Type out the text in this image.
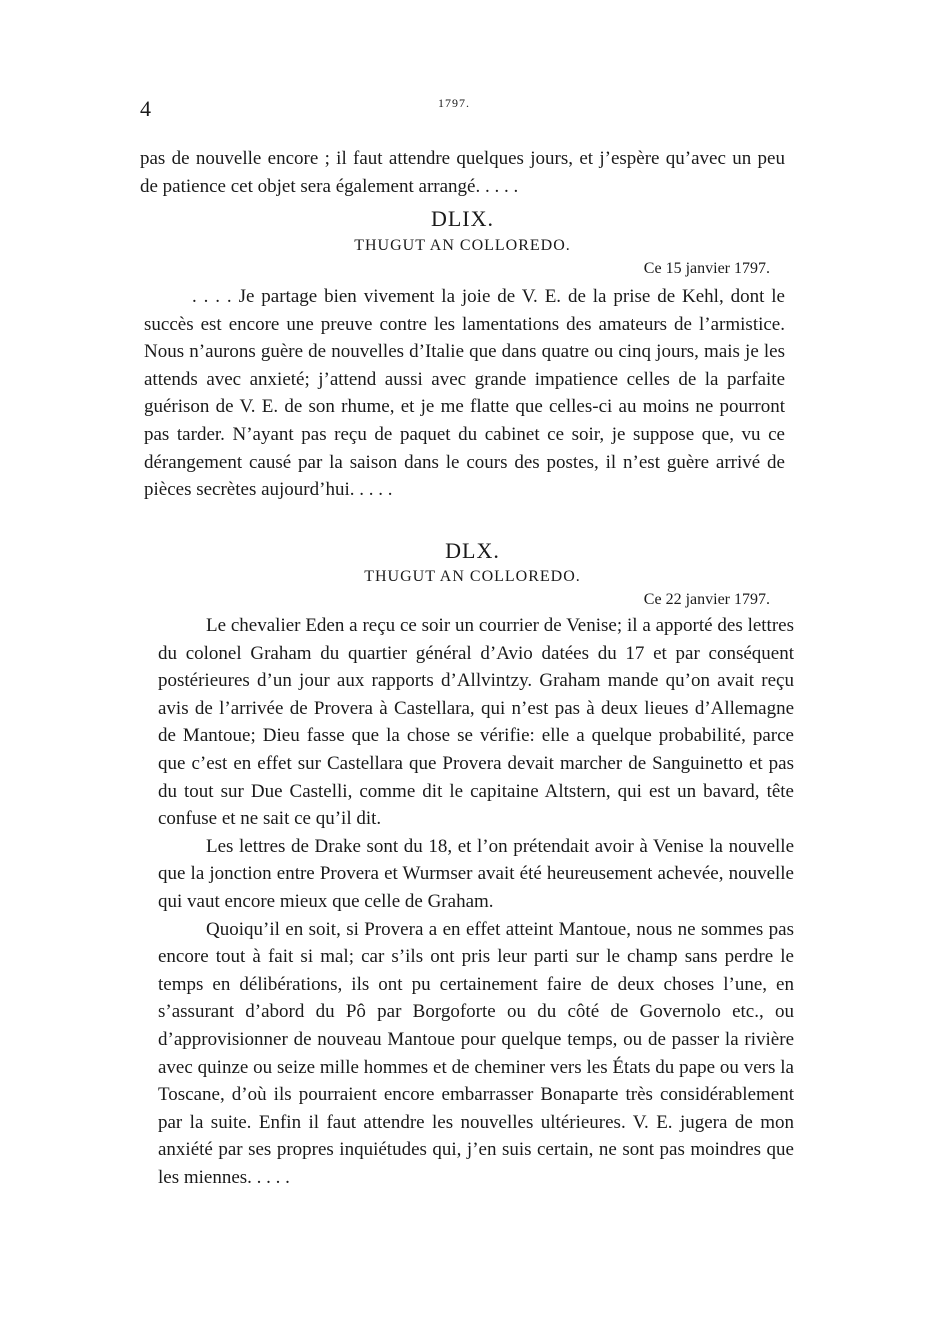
4	1797.

pas de nouvelle encore ; il faut attendre quelques jours, et j’espère qu’avec un peu de patience cet objet sera également arrangé. . . . .

DLIX.
THUGUT AN COLLOREDO.
Ce 15 janvier 1797.

. . . . Je partage bien vivement la joie de V. E. de la prise de Kehl, dont le succès est encore une preuve contre les lamentations des amateurs de l’armistice. Nous n’aurons guère de nouvelles d’Italie que dans quatre ou cinq jours, mais je les attends avec anxieté; j’attend aussi avec grande impatience celles de la parfaite guérison de V. E. de son rhume, et je me flatte que celles-ci au moins ne pourront pas tarder. N’ayant pas reçu de paquet du cabinet ce soir, je suppose que, vu ce dérangement causé par la saison dans le cours des postes, il n’est guère arrivé de pièces secrètes aujourd’hui. . . . .

DLX.
THUGUT AN COLLOREDO.
Ce 22 janvier 1797.

Le chevalier Eden a reçu ce soir un courrier de Venise; il a apporté des lettres du colonel Graham du quartier général d’Avio datées du 17 et par conséquent postérieures d’un jour aux rapports d’Allvintzy. Graham mande qu’on avait reçu avis de l’arrivée de Provera à Castellara, qui n’est pas à deux lieues d’Allemagne de Mantoue; Dieu fasse que la chose se vérifie: elle a quelque probabilité, parce que c’est en effet sur Castellara que Provera devait marcher de Sanguinetto et pas du tout sur Due Castelli, comme dit le capitaine Altstern, qui est un bavard, tête confuse et ne sait ce qu’il dit.

Les lettres de Drake sont du 18, et l’on prétendait avoir à Venise la nouvelle que la jonction entre Provera et Wurmser avait été heureusement achevée, nouvelle qui vaut encore mieux que celle de Graham.

Quoiqu’il en soit, si Provera a en effet atteint Mantoue, nous ne sommes pas encore tout à fait si mal; car s’ils ont pris leur parti sur le champ sans perdre le temps en délibérations, ils ont pu certainement faire de deux choses l’une, en s’assurant d’abord du Pô par Borgoforte ou du côté de Governolo etc., ou d’approvisionner de nouveau Mantoue pour quelque temps, ou de passer la rivière avec quinze ou seize mille hommes et de cheminer vers les États du pape ou vers la Toscane, d’où ils pourraient encore embarrasser Bonaparte très considérablement par la suite. Enfin il faut attendre les nouvelles ultérieures. V. E. jugera de mon anxiété par ses propres inquiétudes qui, j’en suis certain, ne sont pas moindres que les miennes. . . . .
